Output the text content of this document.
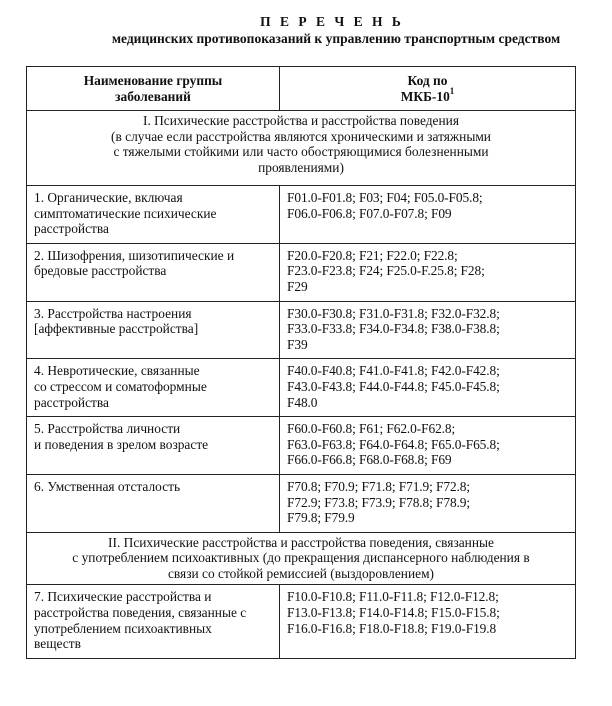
П Е Р Е Ч Е Н Ь
медицинских противопоказаний к управлению транспортным средством
Наименование группы
заболеваний	Код по
МКБ-$10^1$
I. Психические расстройства и расстройства поведения
(в случае если расстройства являются хроническими и затяжными
с тяжелыми стойкими или часто обостряющимися болезненными
проявлениями)	
1. Органические, включая
симптоматические психические
расстройства	F01.0-F01.8; F03; F04; F05.0-F05.8;
F06.0-F06.8; F07.0-F07.8; F09
2. Шизофрения, шизотипические и
бредовые расстройства	F20.0-F20.8; F21; F22.0; F22.8;
F23.0-F23.8; F24; F25.0-F.25.8; F28;
F29
3. Расстройства настроения
[аффективные расстройства]	F30.0-F30.8; F31.0-F31.8; F32.0-F32.8;
F33.0-F33.8; F34.0-F34.8; F38.0-F38.8;
F39
4. Невротические, связанные
со стрессом и соматоформные
расстройства	F40.0-F40.8; F41.0-F41.8; F42.0-F42.8;
F43.0-F43.8; F44.0-F44.8; F45.0-F45.8;
F48.0
5. Расстройства личности
и поведения в зрелом возрасте	F60.0-F60.8; F61; F62.0-F62.8;
F63.0-F63.8; F64.0-F64.8; F65.0-F65.8;
F66.0-F66.8; F68.0-F68.8; F69
6. Умственная отсталость	F70.8; F70.9; F71.8; F71.9; F72.8;
F72.9; F73.8; F73.9; F78.8; F78.9;
F79.8; F79.9
II. Психические расстройства и расстройства поведения, связанные
с употреблением психоактивных (до прекращения диспансерного наблюдения в
связи со стойкой ремиссией (выздоровлением)	
7. Психические расстройства и
расстройства поведения, связанные с
употреблением психоактивных
веществ	F10.0-F10.8; F11.0-F11.8; F12.0-F12.8;
F13.0-F13.8; F14.0-F14.8; F15.0-F15.8;
F16.0-F16.8; F18.0-F18.8; F19.0-F19.8
